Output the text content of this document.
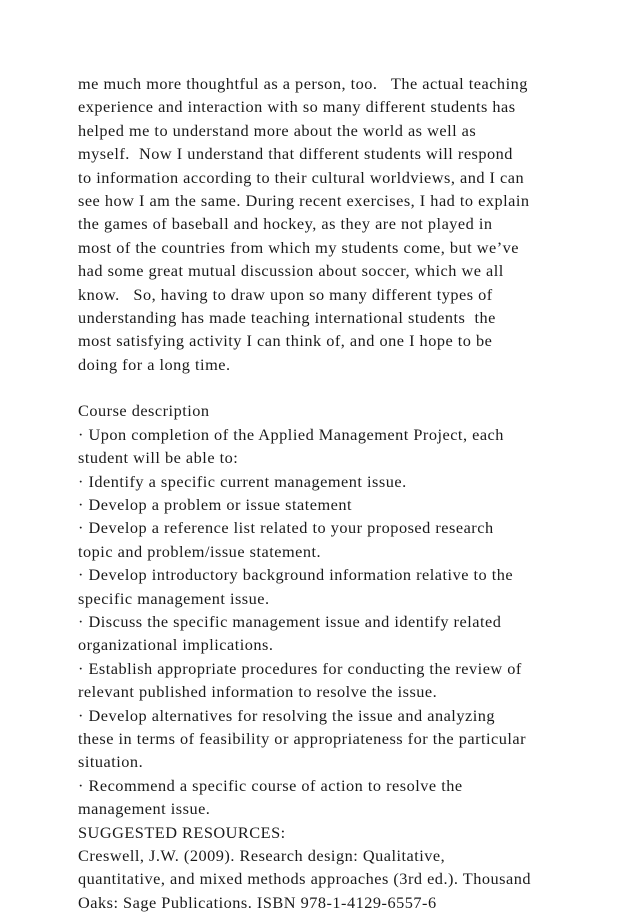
me much more thoughtful as a person, too.   The actual teaching
experience and interaction with so many different students has
helped me to understand more about the world as well as
myself.  Now I understand that different students will respond
to information according to their cultural worldviews, and I can
see how I am the same. During recent exercises, I had to explain
the games of baseball and hockey, as they are not played in
most of the countries from which my students come, but we’ve
had some great mutual discussion about soccer, which we all
know.   So, having to draw upon so many different types of
understanding has made teaching international students  the
most satisfying activity I can think of, and one I hope to be
doing for a long time.
Course description
· Upon completion of the Applied Management Project, each
student will be able to:
· Identify a specific current management issue.
· Develop a problem or issue statement
· Develop a reference list related to your proposed research
topic and problem/issue statement.
· Develop introductory background information relative to the
specific management issue.
· Discuss the specific management issue and identify related
organizational implications.
· Establish appropriate procedures for conducting the review of
relevant published information to resolve the issue.
· Develop alternatives for resolving the issue and analyzing
these in terms of feasibility or appropriateness for the particular
situation.
· Recommend a specific course of action to resolve the
management issue.
SUGGESTED RESOURCES:
Creswell, J.W. (2009). Research design: Qualitative,
quantitative, and mixed methods approaches (3rd ed.). Thousand
Oaks: Sage Publications. ISBN 978-1-4129-6557-6
